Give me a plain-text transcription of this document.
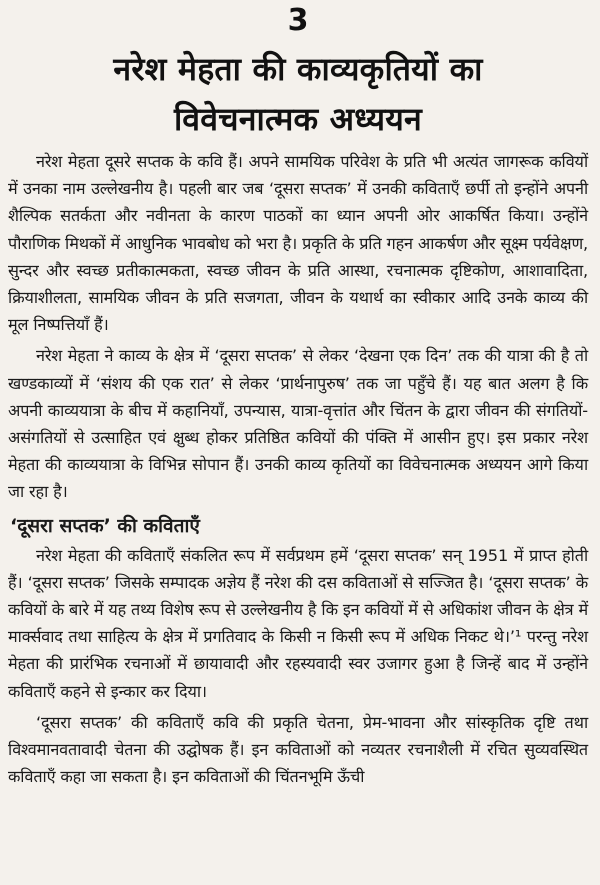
3
नरेश मेहता की काव्यकृतियों का
विवेचनात्मक अध्ययन

नरेश मेहता दूसरे सप्तक के कवि हैं। अपने सामयिक परिवेश के प्रति भी अत्यंत जागरूक कवियों में उनका नाम उल्लेखनीय है। पहली बार जब ‘दूसरा सप्तक’ में उनकी कविताएँ छर्पी तो इन्होंने अपनी शैल्पिक सतर्कता और नवीनता के कारण पाठकों का ध्यान अपनी ओर आकर्षित किया। उन्होंने पौराणिक मिथकों में आधुनिक भावबोध को भरा है। प्रकृति के प्रति गहन आकर्षण और सूक्ष्म पर्यवेक्षण, सुन्दर और स्वच्छ प्रतीकात्मकता, स्वच्छ जीवन के प्रति आस्था, रचनात्मक दृष्टिकोण, आशावादिता, क्रियाशीलता, सामयिक जीवन के प्रति सजगता, जीवन के यथार्थ का स्वीकार आदि उनके काव्य की मूल निष्पत्तियाँ हैं।

नरेश मेहता ने काव्य के क्षेत्र में ‘दूसरा सप्तक’ से लेकर ‘देखना एक दिन’ तक की यात्रा की है तो खण्डकाव्यों में ‘संशय की एक रात’ से लेकर ‘प्रार्थनापुरुष’ तक जा पहुँचे हैं। यह बात अलग है कि अपनी काव्ययात्रा के बीच में कहानियाँ, उपन्यास, यात्रा-वृत्तांत और चिंतन के द्वारा जीवन की संगतियों-असंगतियों से उत्साहित एवं क्षुब्ध होकर प्रतिष्ठित कवियों की पंक्ति में आसीन हुए। इस प्रकार नरेश मेहता की काव्ययात्रा के विभिन्न सोपान हैं। उनकी काव्य कृतियों का विवेचनात्मक अध्ययन आगे किया जा रहा है।

‘दूसरा सप्तक’ की कविताएँ

नरेश मेहता की कविताएँ संकलित रूप में सर्वप्रथम हमें ‘दूसरा सप्तक’ सन् 1951 में प्राप्त होती हैं। ‘दूसरा सप्तक’ जिसके सम्पादक अज्ञेय हैं नरेश की दस कविताओं से सज्जित है। ‘दूसरा सप्तक’ के कवियों के बारे में यह तथ्य विशेष रूप से उल्लेखनीय है कि इन कवियों में से अधिकांश जीवन के क्षेत्र में मार्क्सवाद तथा साहित्य के क्षेत्र में प्रगतिवाद के किसी न किसी रूप में अधिक निकट थे।’¹ परन्तु नरेश मेहता की प्रारंभिक रचनाओं में छायावादी और रहस्यवादी स्वर उजागर हुआ है जिन्हें बाद में उन्होंने कविताएँ कहने से इन्कार कर दिया।

‘दूसरा सप्तक’ की कविताएँ कवि की प्रकृति चेतना, प्रेम-भावना और सांस्कृतिक दृष्टि तथा विश्वमानवतावादी चेतना की उद्घोषक हैं। इन कविताओं को नव्यतर रचनाशैली में रचित सुव्यवस्थित कविताएँ कहा जा सकता है। इन कविताओं की चिंतनभूमि ऊँची
